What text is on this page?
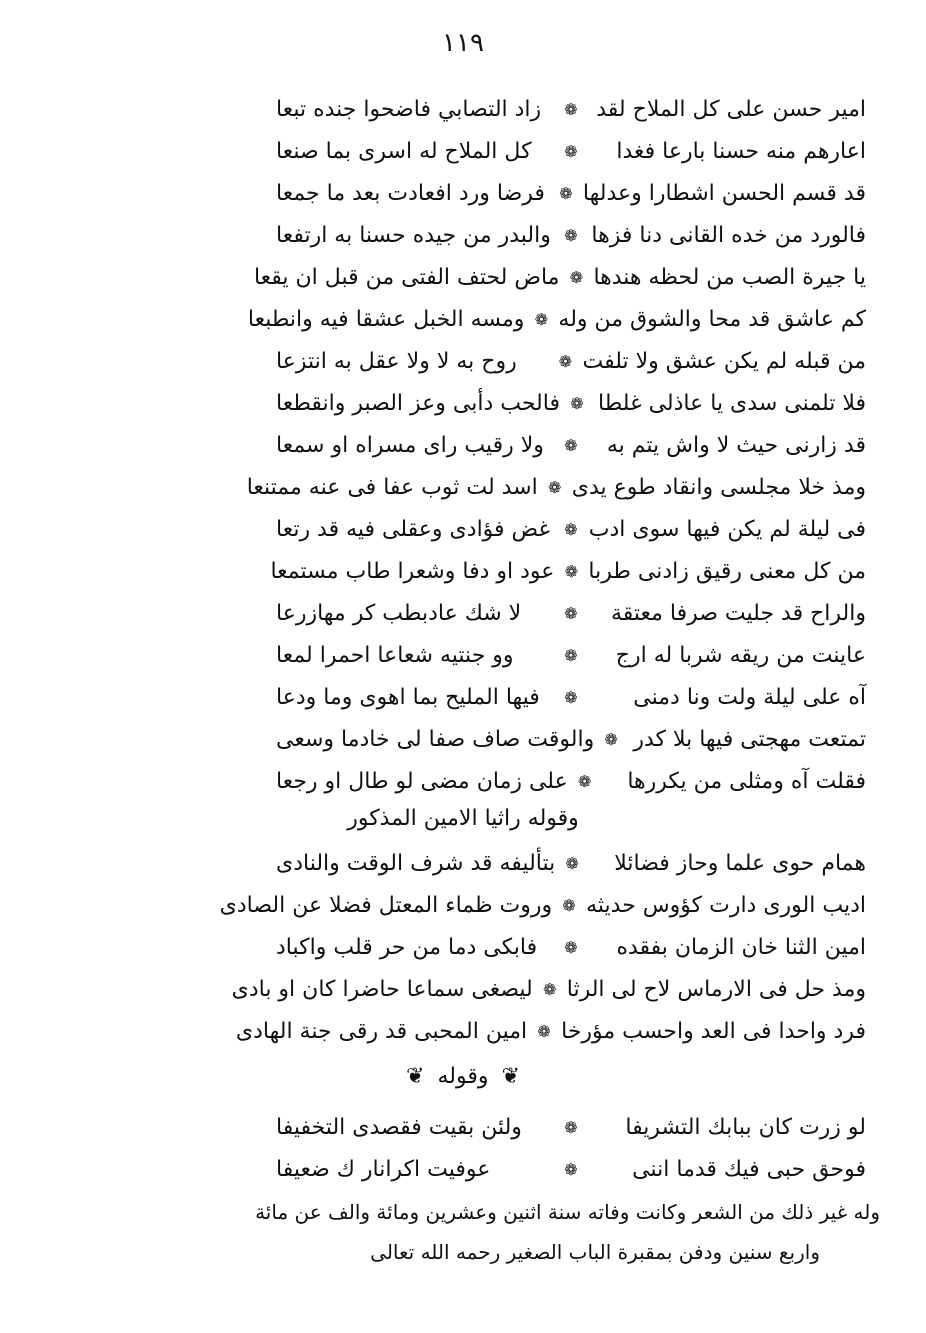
١١٩
امير حسن على كل الملاح لقد
❁
زاد التصابي فاضحوا جنده تبعا
اعارهم منه حسنا بارعا فغدا
❁
كل الملاح له اسرى بما صنعا
قد قسم الحسن اشطارا وعدلها
❁
فرضا ورد افعادت بعد ما جمعا
فالورد من خده القانى دنا فزها
❁
والبدر من جيده حسنا به ارتفعا
يا جيرة الصب من لحظه هندها
❁
ماض لحتف الفتى من قبل ان يقعا
كم عاشق قد محا والشوق من وله
❁
ومسه الخبل عشقا فيه وانطبعا
من قبله لم يكن عشق ولا تلفت
❁
روح به لا ولا عقل به انتزعا
فلا تلمنى سدى يا عاذلى غلطا
❁
فالحب دأبى وعز الصبر وانقطعا
قد زارنى حيث لا واش يتم به
❁
ولا رقيب راى مسراه او سمعا
ومذ خلا مجلسى وانقاد طوع يدى
❁
اسد لت ثوب عفا فى عنه ممتنعا
فى ليلة لم يكن فيها سوى ادب
❁
غض فؤادى وعقلى فيه قد رتعا
من كل معنى رقيق زادنى طربا
❁
عود او دفا وشعرا طاب مستمعا
والراح قد جليت صرفا معتقة
❁
لا شك عادبطب كر مهازرعا
عاينت من ريقه شربا له ارج
❁
وو جنتيه شعاعا احمرا لمعا
آه على ليلة ولت ونا دمنى
❁
فيها المليح بما اهوى وما ودعا
تمتعت مهجتى فيها بلا كدر
❁
والوقت صاف صفا لى خادما وسعى
فقلت آه ومثلى من يكررها
❁
على زمان مضى لو طال او رجعا
وقوله راثيا الامين المذكور
همام حوى علما وحاز فضائلا
❁
بتأليفه قد شرف الوقت والنادى
اديب الورى دارت كؤوس حديثه
❁
وروت ظماء المعتل فضلا عن الصادى
امين الثنا خان الزمان بفقده
❁
فابكى دما من حر قلب واكباد
ومذ حل فى الارماس لاح لى الرثا
❁
ليصغى سماعا حاضرا كان او بادى
فرد واحدا فى العد واحسب مؤرخا
❁
امين المحبى قد رقى جنة الهادى
❦ وقوله ❦
لو زرت كان ببابك التشريفا
❁
ولئن بقيت فقصدى التخفيفا
فوحق حبى فيك قدما اننى
❁
عوفيت اكرانار ك ضعيفا
وله غير ذلك من الشعر وكانت وفاته سنة اثنين وعشرين ومائة والف عن مائة
واربع سنين ودفن بمقبرة الباب الصغير رحمه الله تعالى
